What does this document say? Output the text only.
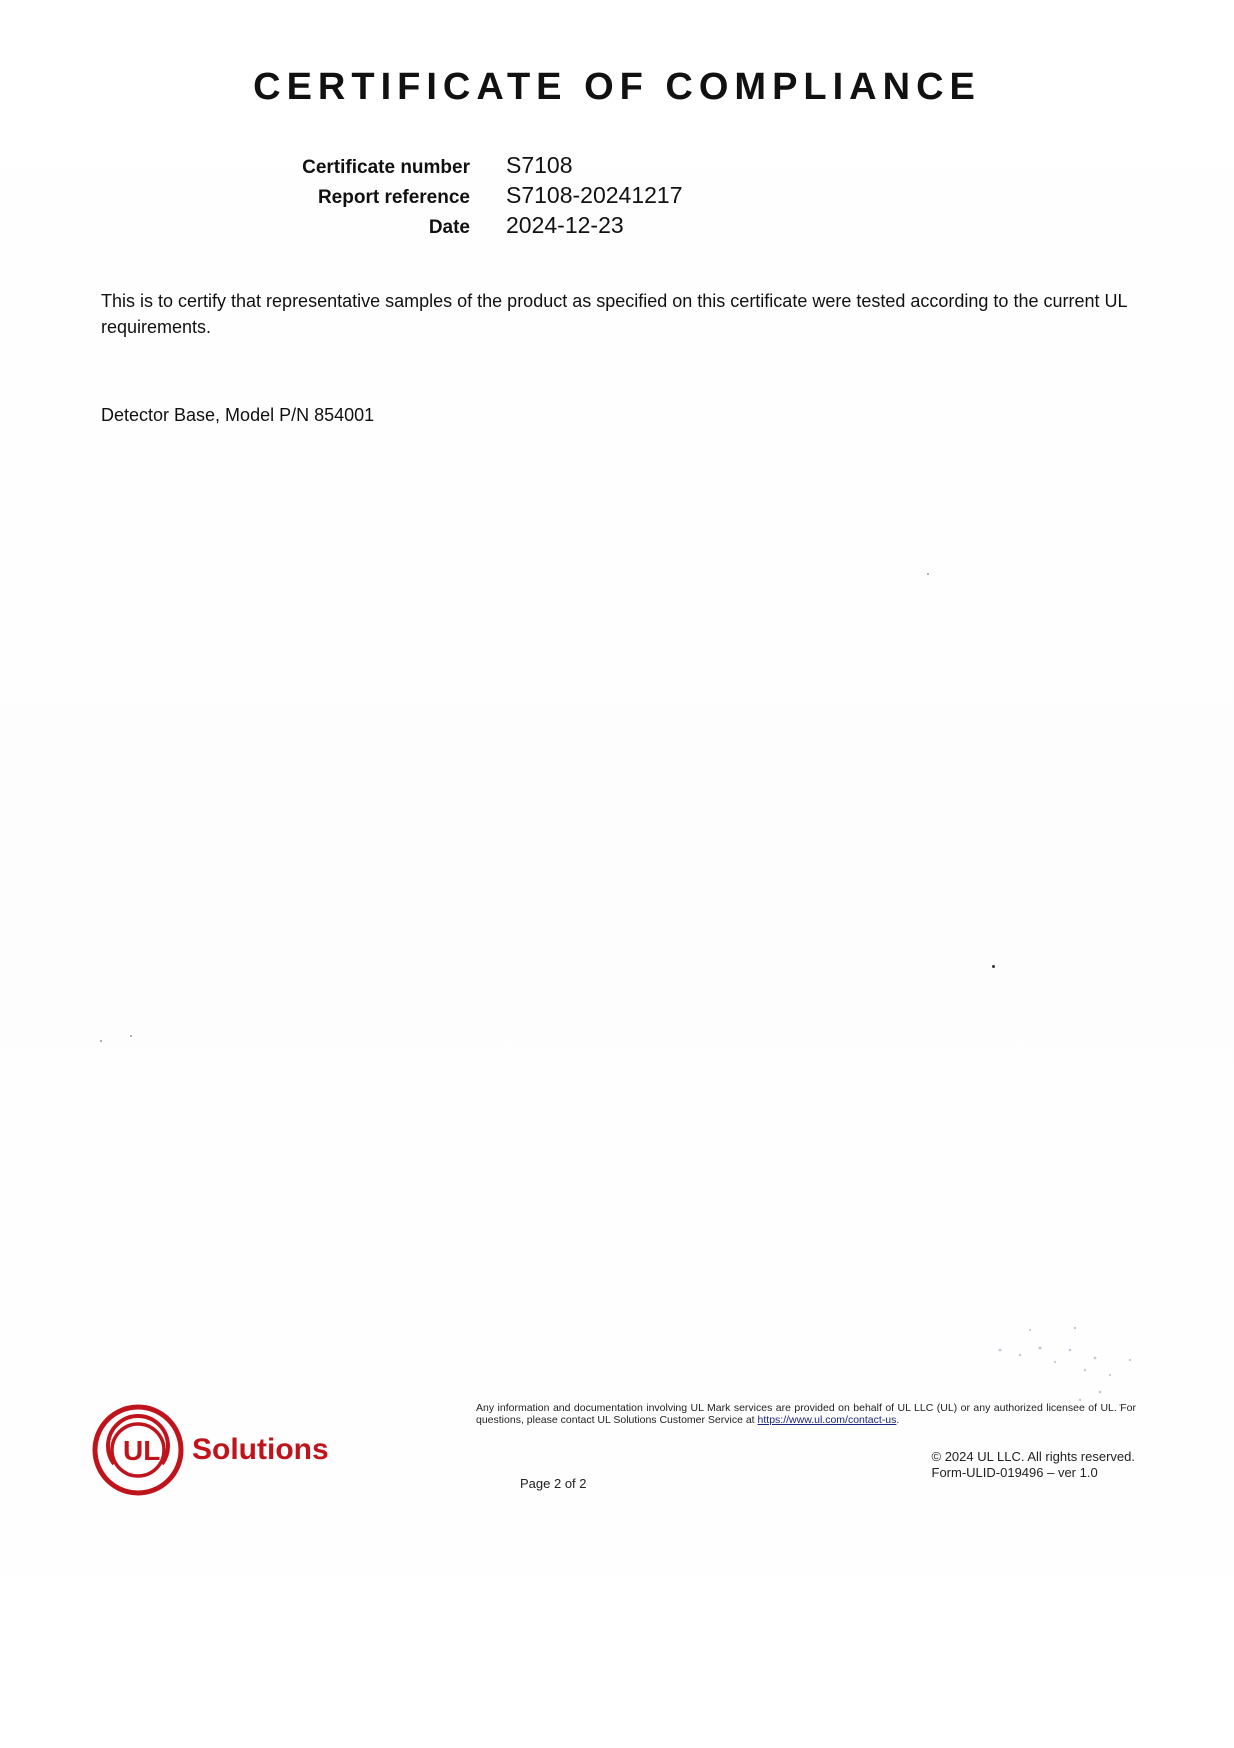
CERTIFICATE OF COMPLIANCE
Certificate number S7108
Report reference S7108-20241217
Date 2024-12-23
This is to certify that representative samples of the product as specified on this certificate were tested according to the current UL requirements.
Detector Base, Model P/N 854001
UL Solutions
Any information and documentation involving UL Mark services are provided on behalf of UL LLC (UL) or any authorized licensee of UL. For questions, please contact UL Solutions Customer Service at https://www.ul.com/contact-us.
Page 2 of 2
© 2024 UL LLC. All rights reserved.
Form-ULID-019496 – ver 1.0
